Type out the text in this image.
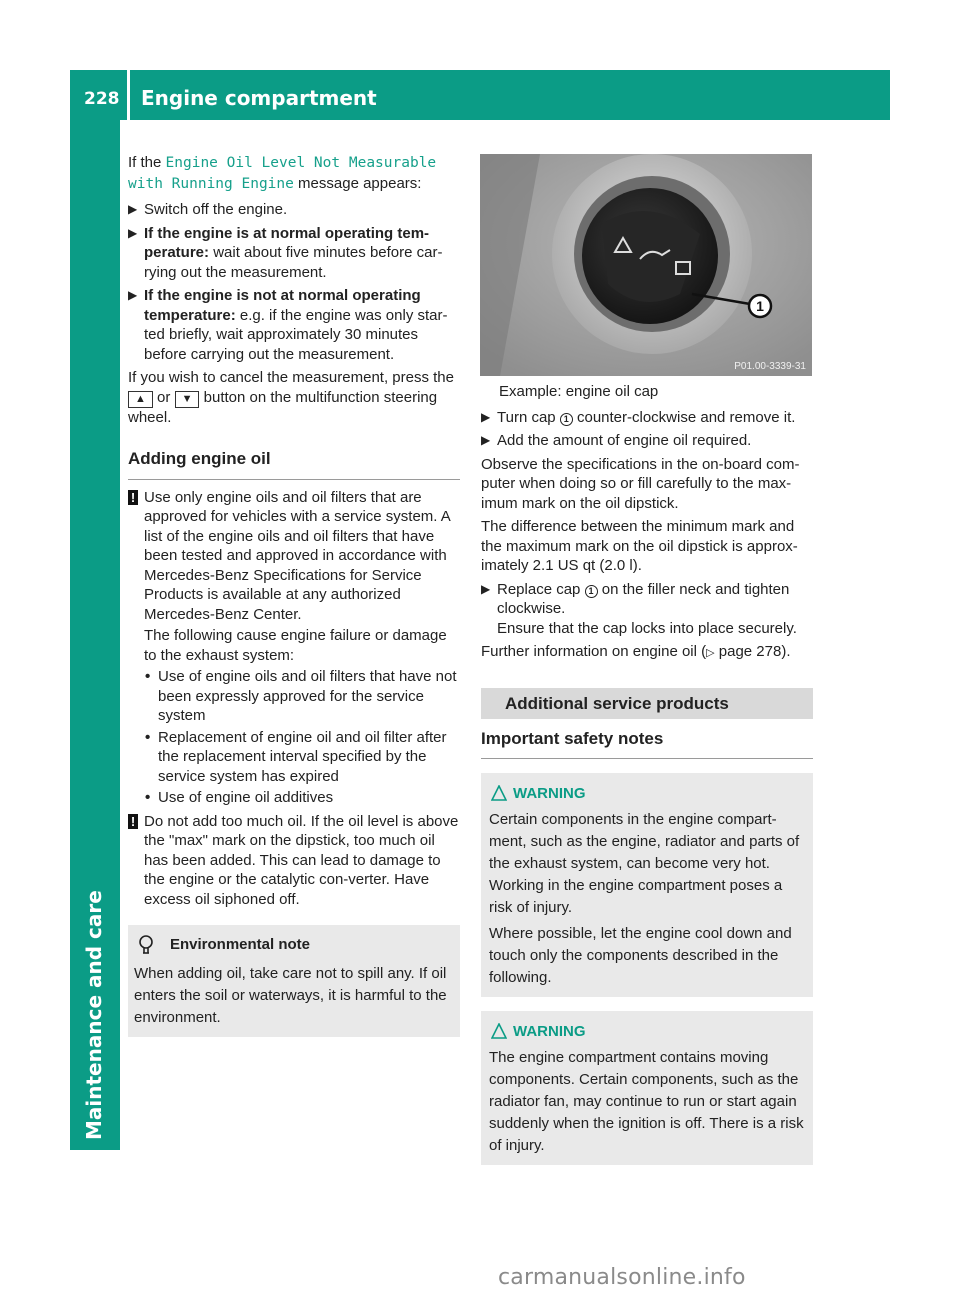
228 Engine compartment
Maintenance and care

If the Engine Oil Level Not Measurable
with Running Engine message appears:

▶ Switch off the engine.
▶ If the engine is at normal operating tem-perature: wait about five minutes before car-rying out the measurement.
▶ If the engine is not at normal operating temperature: e.g. if the engine was only star-ted briefly, wait approximately 30 minutes before carrying out the measurement.

If you wish to cancel the measurement, press the ▲ or ▼ button on the multifunction steering wheel.

Adding engine oil
! Use only engine oils and oil filters that are approved for vehicles with a service system. A list of the engine oils and oil filters that have been tested and approved in accordance with Mercedes-Benz Specifications for Service Products is available at any authorized Mercedes-Benz Center.

The following cause engine failure or damage to the exhaust system:

• Use of engine oils and oil filters that have not been expressly approved for the service system
• Replacement of engine oil and oil filter after the replacement interval specified by the service system has expired
• Use of engine oil additives
! Do not add too much oil. If the oil level is above the "max" mark on the dipstick, too much oil has been added. This can lead to damage to the engine or the catalytic con-verter. Have excess oil siphoned off.

Environmental note

When adding oil, take care not to spill any. If oil enters the soil or waterways, it is harmful to the environment.

1
P01.00-3339-31

Example: engine oil cap

▶ Turn cap 1 counter-clockwise and remove it.
▶ Add the amount of engine oil required.

Observe the specifications in the on-board com-puter when doing so or fill carefully to the max-imum mark on the oil dipstick.

The difference between the minimum mark and the maximum mark on the oil dipstick is approx-imately 2.1 US qt (2.0 l).

▶ Replace cap 1 on the filler neck and tighten clockwise.
Ensure that the cap locks into place securely.

Further information on engine oil (▷ page 278).

Additional service products
Important safety notes
WARNING

Certain components in the engine compart-ment, such as the engine, radiator and parts of the exhaust system, can become very hot. Working in the engine compartment poses a risk of injury.

Where possible, let the engine cool down and touch only the components described in the following.

WARNING

The engine compartment contains moving components. Certain components, such as the radiator fan, may continue to run or start again suddenly when the ignition is off. There is a risk of injury.

carmanualsonline.info
